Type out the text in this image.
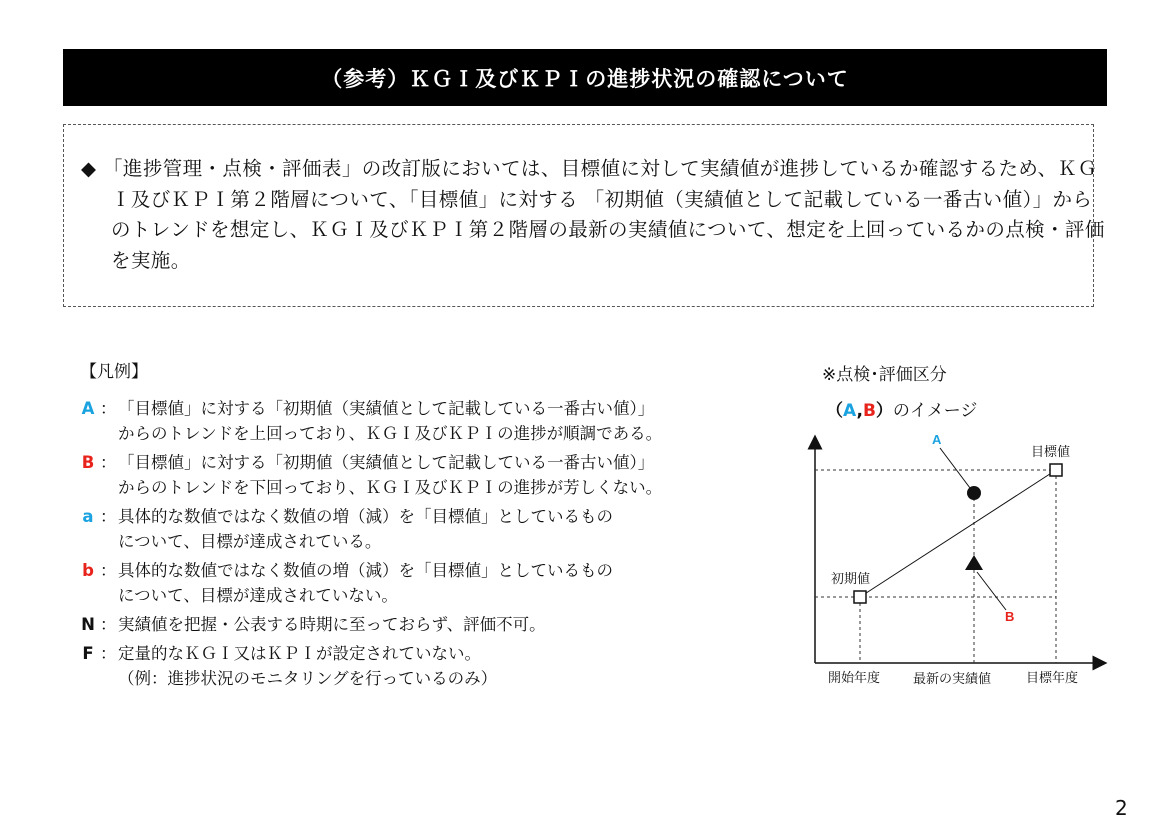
（参考）ＫＧＩ及びＫＰＩの進捗状況の確認について
◆ 「進捗管理・点検・評価表」の改訂版においては、目標値に対して実績値が進捗しているか確認するため、ＫＧＩ及びＫＰＩ第２階層について、「目標値」に対する 「初期値（実績値として記載している一番古い値）」からのトレンドを想定し、ＫＧＩ及びＫＰＩ第２階層の最新の実績値について、想定を上回っているかの点検・評価を実施。
【凡例】
A ： 「目標値」に対する「初期値（実績値として記載している一番古い値）」
からのトレンドを上回っており、ＫＧＩ及びＫＰＩの進捗が順調である。
B ： 「目標値」に対する「初期値（実績値として記載している一番古い値）」
からのトレンドを下回っており、ＫＧＩ及びＫＰＩの進捗が芳しくない。
a ： 具体的な数値ではなく数値の増（減）を「目標値」としているもの
について、目標が達成されている。
b ： 具体的な数値ではなく数値の増（減）を「目標値」としているもの
について、目標が達成されていない。
N ： 実績値を把握・公表する時期に至っておらず、評価不可。
F ： 定量的なＫＧＩ又はＫＰＩが設定されていない。
（例：進捗状況のモニタリングを行っているのみ）
※点検･評価区分
（A,B）のイメージ
A
B
目標値
初期値
開始年度	最新の実績値	目標年度
2
